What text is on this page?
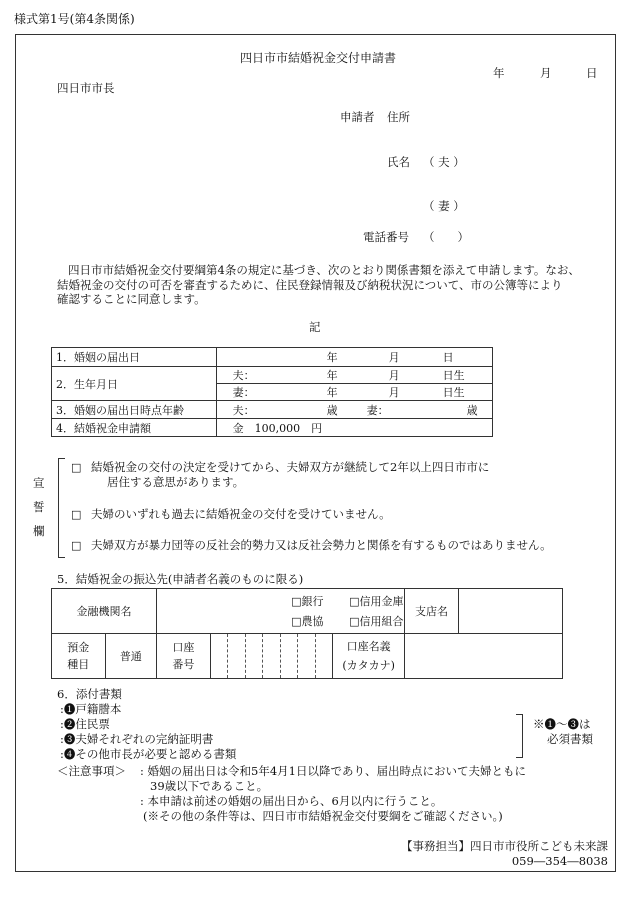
様式第1号(第4条関係)
四日市市結婚祝金交付申請書
年	月	日
四日市市長
申請者 住所
氏名 （ 夫 ）
（ 妻 ）
電話番号 （　　）
四日市市結婚祝金交付要綱第4条の規定に基づき、次のとおり関係書類を添えて申請します。なお、
結婚祝金の交付の可否を審査するために、住民登録情報及び納税状況について、市の公簿等により
確認することに同意します。
記
1．婚姻の届出日	年 月 日

2．生年月日	夫： 年 月 日生

	妻： 年 月 日生

3．婚姻の届出日時点年齢	夫： 歳 妻： 歳

4．結婚祝金申請額	金　100,000　円
宣
誓
欄
□ 結婚祝金の交付の決定を受けてから、夫婦双方が継続して2年以上四日市市に
居住する意思があります。
□ 夫婦のいずれも過去に結婚祝金の交付を受けていません。
□ 夫婦双方が暴力団等の反社会的勢力又は反社会勢力と関係を有するものではありません。
5．結婚祝金の振込先(申請者名義のものに限る)
金融機関名		□銀行 □信用金庫
□農協 □信用組合									支店名	
預金
種目	普通	口座
番号								口座名義
(カタカナ)		
6．添付書類
:❶戸籍謄本
:❷住民票
:❸夫婦それぞれの完納証明書
:❹その他市長が必要と認める書類
※❶～❸は
必須書類
＜注意事項＞ : 婚姻の届出日は令和5年4月1日以降であり、届出時点において夫婦ともに
39歳以下であること。
: 本申請は前述の婚姻の届出日から、6月以内に行うこと。
(※その他の条件等は、四日市市結婚祝金交付要綱をご確認ください。)
【事務担当】四日市市役所こども未来課
059―354―8038
